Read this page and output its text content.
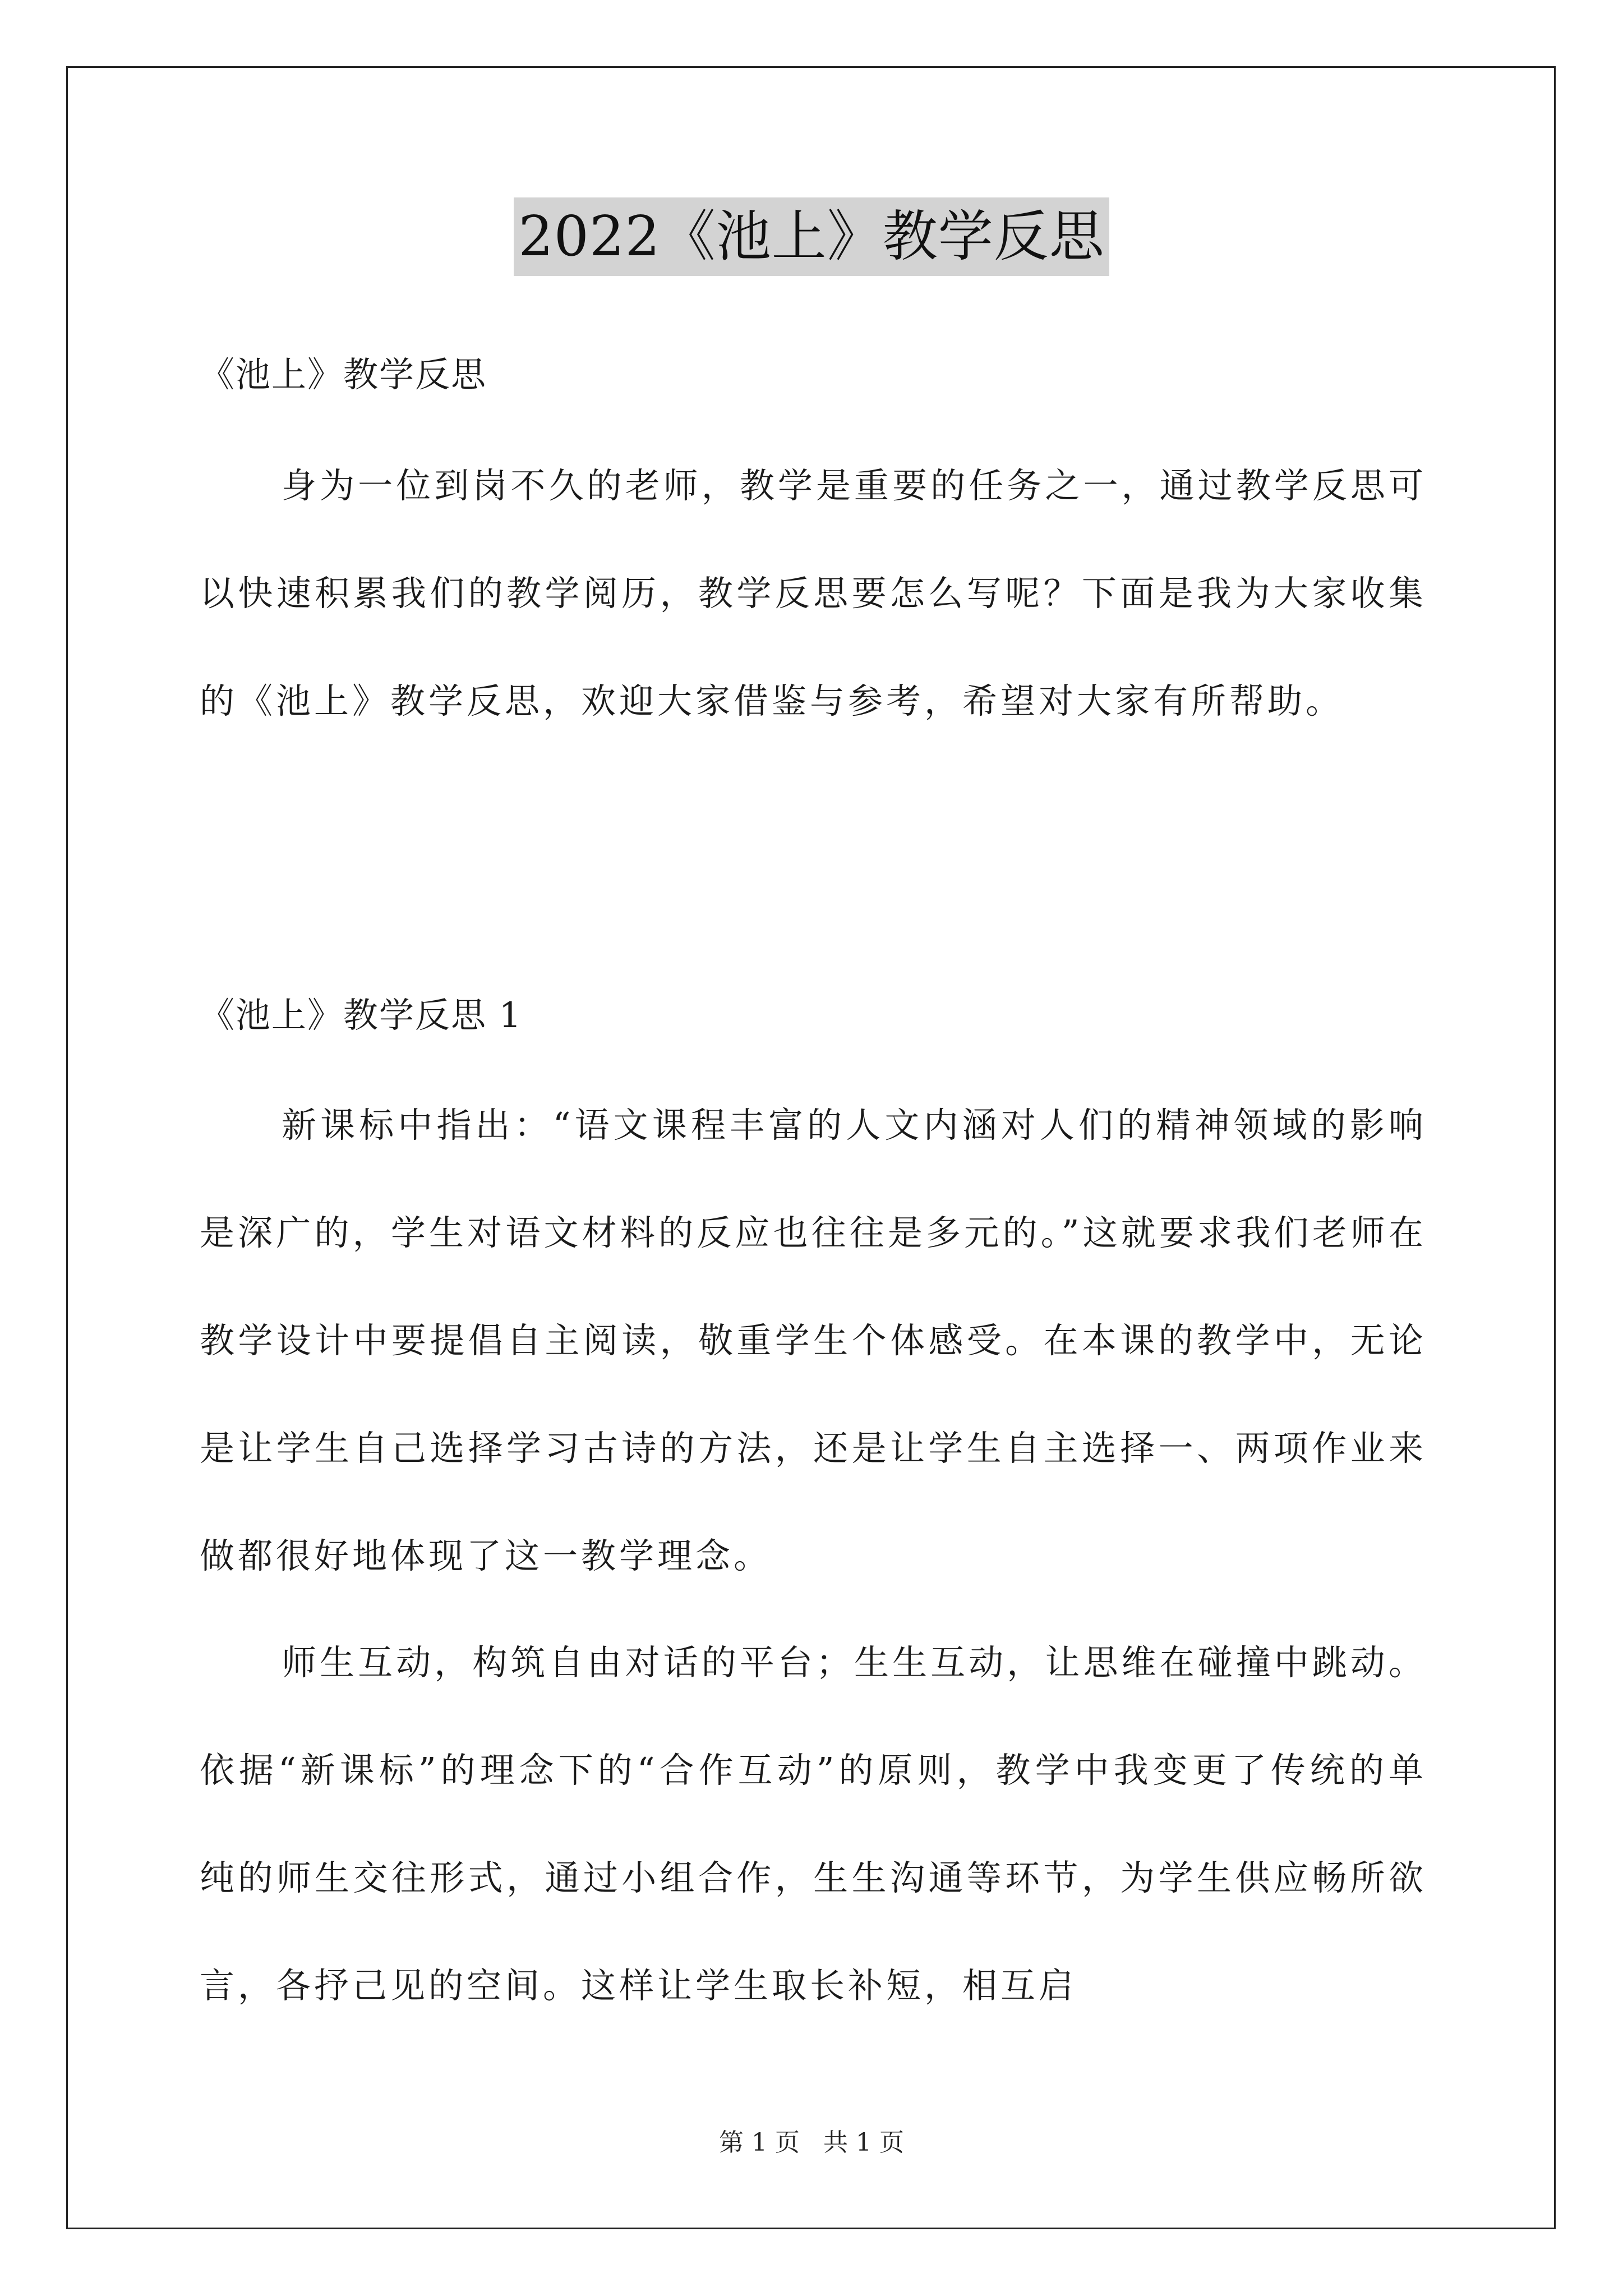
2022《池上》教学反思
《池上》教学反思

身为一位到岗不久的老师，教学是重要的任务之一，通过教学反思可以快速积累我们的教学阅历，教学反思要怎么写呢？下面是我为大家收集的《池上》教学反思，欢迎大家借鉴与参考，希望对大家有所帮助。

《池上》教学反思 1

新课标中指出：“语文课程丰富的人文内涵对人们的精神领域的影响是深广的，学生对语文材料的反应也往往是多元的。”这就要求我们老师在教学设计中要提倡自主阅读，敬重学生个体感受。在本课的教学中，无论是让学生自己选择学习古诗的方法，还是让学生自主选择一、两项作业来做都很好地体现了这一教学理念。

师生互动，构筑自由对话的平台；生生互动，让思维在碰撞中跳动。依据“新课标”的理念下的“合作互动”的原则，教学中我变更了传统的单纯的师生交往形式，通过小组合作，生生沟通等环节，为学生供应畅所欲言，各抒己见的空间。这样让学生取长补短，相互启

第 1 页 共 1 页
